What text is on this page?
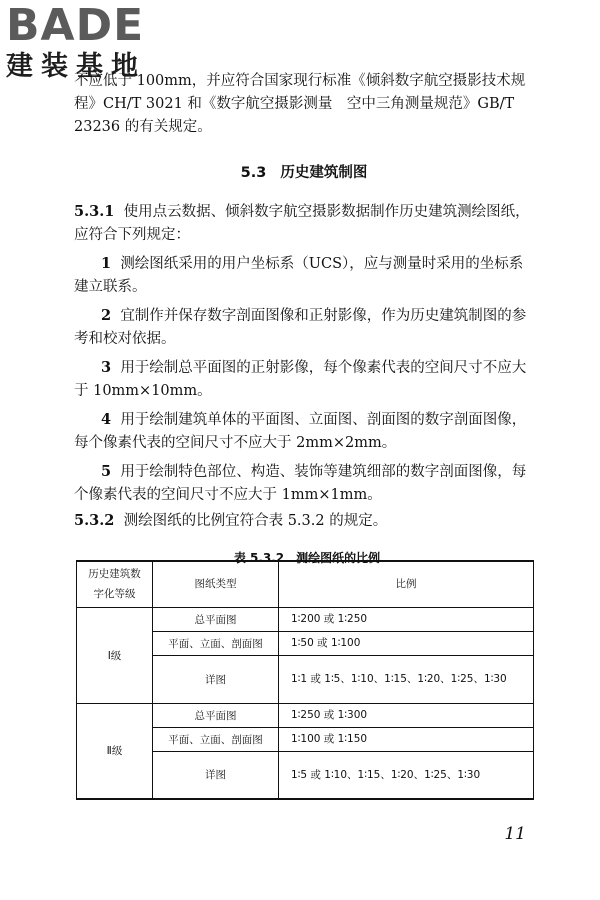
BADE
建装基地

不应低于 100mm，并应符合国家现行标准《倾斜数字航空摄影技术规程》CH/T 3021 和《数字航空摄影测量　空中三角测量规范》GB/T 23236 的有关规定。

5.3 历史建筑制图

5.3.1 使用点云数据、倾斜数字航空摄影数据制作历史建筑测绘图纸，应符合下列规定：

1 测绘图纸采用的用户坐标系（UCS），应与测量时采用的坐标系建立联系。

2 宜制作并保存数字剖面图像和正射影像，作为历史建筑制图的参考和校对依据。

3 用于绘制总平面图的正射影像，每个像素代表的空间尺寸不应大于 10mm×10mm。

4 用于绘制建筑单体的平面图、立面图、剖面图的数字剖面图像，每个像素代表的空间尺寸不应大于 2mm×2mm。

5 用于绘制特色部位、构造、装饰等建筑细部的数字剖面图像，每个像素代表的空间尺寸不应大于 1mm×1mm。

5.3.2 测绘图纸的比例宜符合表 5.3.2 的规定。

表 5.3.2　测绘图纸的比例
历史建筑数字化等级	图纸类型	比例
Ⅰ级	总平面图	1∶200 或 1∶250
	平面、立面、剖面图	1∶50 或 1∶100
	详图	1∶1 或 1∶5、1∶10、1∶15、1∶20、1∶25、1∶30
Ⅱ级	总平面图	1∶250 或 1∶300
	平面、立面、剖面图	1∶100 或 1∶150
	详图	1∶5 或 1∶10、1∶15、1∶20、1∶25、1∶30
11
